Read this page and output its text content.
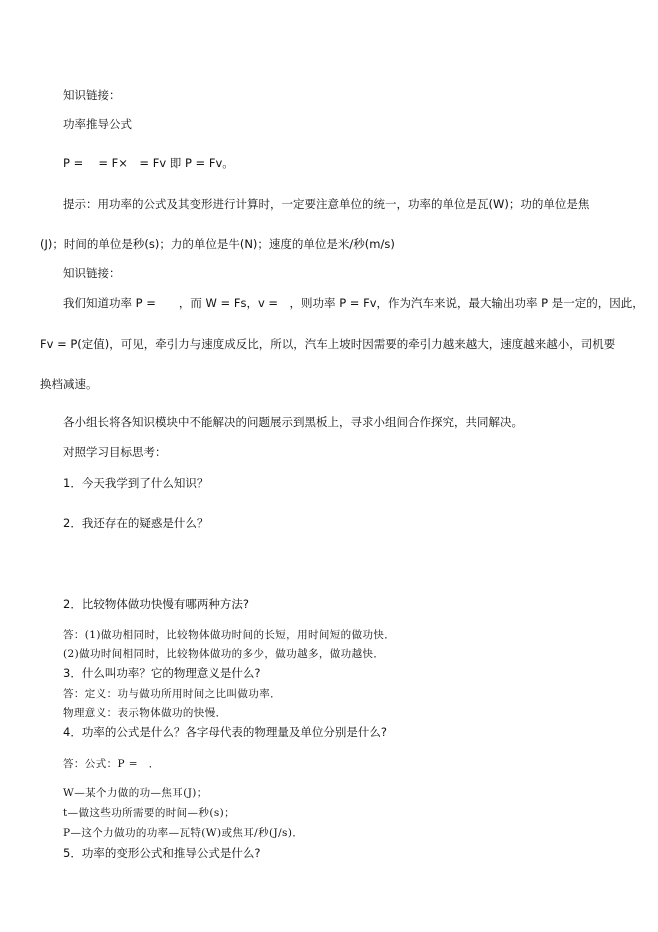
知识链接：
功率推导公式
P =　 = F×　= Fv 即 P = Fv。
提示：用功率的公式及其变形进行计算时，一定要注意单位的统一，功率的单位是瓦(W)；功的单位是焦
(J)；时间的单位是秒(s)；力的单位是牛(N)；速度的单位是米/秒(m/s)
知识链接：
我们知道功率 P =　　，而 W = Fs，v =　，则功率 P = Fv，作为汽车来说，最大输出功率 P 是一定的，因此，
Fv = P(定值)，可见，牵引力与速度成反比，所以，汽车上坡时因需要的牵引力越来越大，速度越来越小，司机要
换档减速。
各小组长将各知识模块中不能解决的问题展示到黑板上，寻求小组间合作探究，共同解决。
对照学习目标思考：
1．今天我学到了什么知识？
2．我还存在的疑惑是什么？
2．比较物体做功快慢有哪两种方法?
答：(1)做功相同时，比较物体做功时间的长短，用时间短的做功快．
(2)做功时间相同时，比较物体做功的多少，做功越多，做功越快．
3．什么叫功率？它的物理意义是什么?
答：定义：功与做功所用时间之比叫做功率．
物理意义：表示物体做功的快慢．
4．功率的公式是什么？各字母代表的物理量及单位分别是什么?
答：公式：P =　．
W—某个力做的功—焦耳(J)；
t—做这些功所需要的时间—秒(s)；
P—这个力做功的功率—瓦特(W)或焦耳/秒(J/s)．
5．功率的变形公式和推导公式是什么?
